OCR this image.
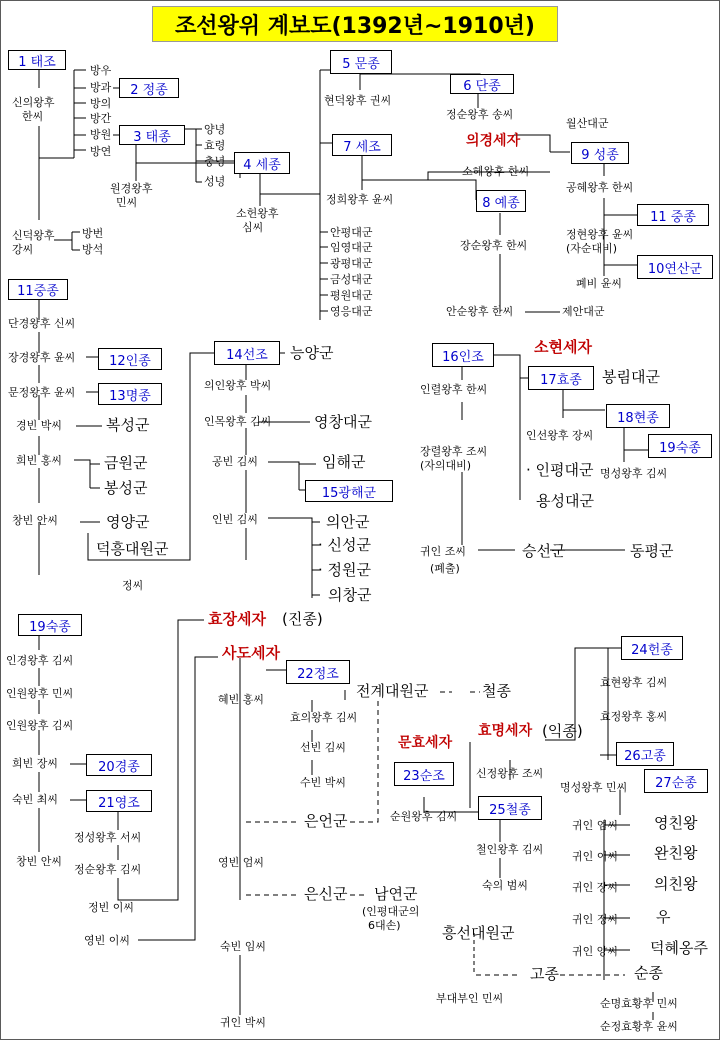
조선왕위 계보도(1392년~1910년)
1 태조
2 정종
3 태종
4 세종
5 문종
6 단종
7 세조
8 예종
9 성종
11 중종
10연산군
11중종
12인종
13명종
14선조
15광해군
16인조
17효종
18현종
19숙종
19숙종
20경종
21영조
22정조
23순조
24헌종
25철종
26고종
27순종
의경세자
소현세자
효장세자
사도세자
문효세자
효명세자
신의왕후
한씨
방우
방과
방의
방간
방원
방연
양녕
효령
충녕
성녕
원경왕후
민씨
소헌왕후
심씨
신덕왕후
강씨
방번
방석
현덕왕후 권씨
정순왕후 송씨
월산대군
소혜왕후 한씨
공혜왕후 한씨
정희왕후 윤씨
정현왕후 윤씨
(자순대비)
장순왕후 한씨
폐비 윤씨
안평대군
임영대군
광평대군
금성대군
평원대군
영응대군	안순왕후 한씨	제안대군
단경왕후 신씨
장경왕후 윤씨
문정왕후 윤씨
경빈 박씨
희빈 홍씨
창빈 안씨
의인왕후 박씨
인목왕후 김씨
공빈 김씨
인빈 김씨
정씨
인렬왕후 한씨
장렬왕후 조씨
(자의대비)
인선왕후 장씨
명성왕후 김씨
귀인 조씨
(폐출)
인경왕후 김씨
인원왕후 민씨
인원왕후 김씨
희빈 장씨
숙빈 최씨
창빈 안씨
정성왕후 서씨
정순왕후 김씨
정빈 이씨
영빈 이씨
혜빈 홍씨
효의왕후 김씨
선빈 김씨
수빈 박씨
영빈 엄씨
숙빈 임씨
귀인 박씨
순원왕후 김씨
신정왕후 조씨
철인왕후 김씨
숙의 범씨
(인평대군의
6대손)
부대부인 민씨
효현왕후 김씨
효정왕후 홍씨
명성왕후 민씨
귀인 엄씨
귀인 이씨
귀인 장씨
귀인 정씨
귀인 양씨
순명효황후 민씨
순정효황후 윤씨
능양군
영창대군
복성군
금원군
봉성군
임해군
영양군
덕흥대원군
의안군
· 신성군
· 정원군
의창군
봉림대군
· 인평대군
용성대군
승선군	동평군
(진종)
전계대원군	철종
(익종)
은언군
은신군 남연군
흥선대원군
고종	순종
영친왕
완친왕
의친왕
우
덕혜옹주
